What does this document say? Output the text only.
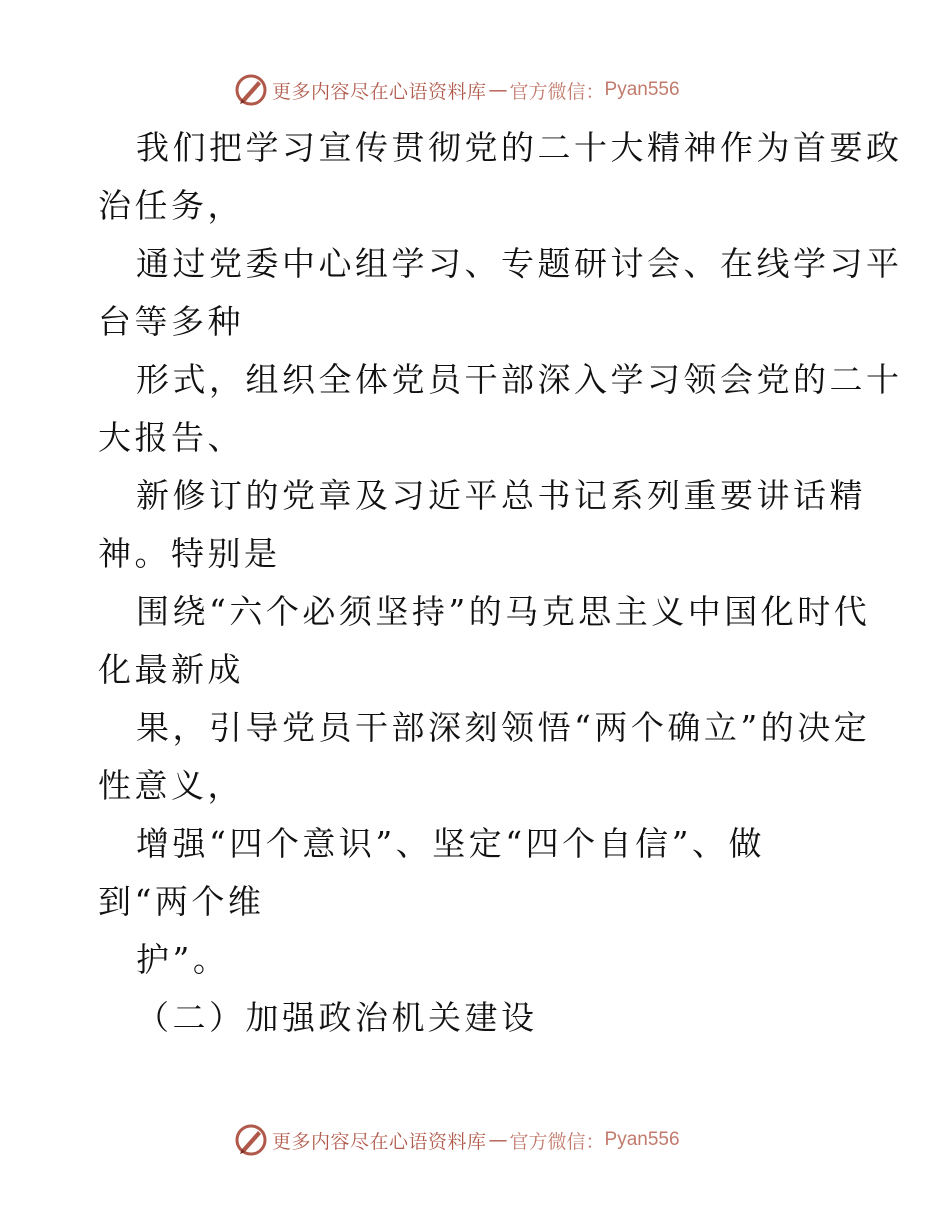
更多内容尽在心语资料库 — 官方微信： Pyan556
我们把学习宣传贯彻党的二十大精神作为首要政
治任务，
通过党委中心组学习、专题研讨会、在线学习平
台等多种
形式，组织全体党员干部深入学习领会党的二十
大报告、
新修订的党章及习近平总书记系列重要讲话精
神。特别是
围绕“六个必须坚持”的马克思主义中国化时代
化最新成
果，引导党员干部深刻领悟“两个确立”的决定
性意义，
增强“四个意识”、坚定“四个自信”、做
到“两个维
护”。
（二）加强政治机关建设
更多内容尽在心语资料库 — 官方微信： Pyan556
